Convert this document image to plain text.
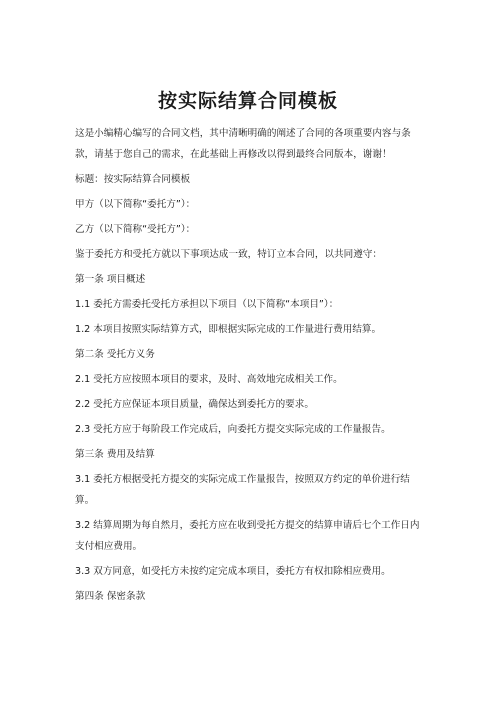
按实际结算合同模板

这是小编精心编写的合同文档，其中清晰明确的阐述了合同的各项重要内容与条款，请基于您自己的需求，在此基础上再修改以得到最终合同版本，谢谢！

标题：按实际结算合同模板

甲方（以下简称“委托方”）：

乙方（以下简称“受托方”）：

鉴于委托方和受托方就以下事项达成一致，特订立本合同，以共同遵守：

第一条 项目概述

1.1 委托方需委托受托方承担以下项目（以下简称“本项目”）：

1.2 本项目按照实际结算方式，即根据实际完成的工作量进行费用结算。

第二条 受托方义务

2.1 受托方应按照本项目的要求，及时、高效地完成相关工作。

2.2 受托方应保证本项目质量，确保达到委托方的要求。

2.3 受托方应于每阶段工作完成后，向委托方提交实际完成的工作量报告。

第三条 费用及结算

3.1 委托方根据受托方提交的实际完成工作量报告，按照双方约定的单价进行结算。

3.2 结算周期为每自然月，委托方应在收到受托方提交的结算申请后七个工作日内支付相应费用。

3.3 双方同意，如受托方未按约定完成本项目，委托方有权扣除相应费用。

第四条 保密条款
